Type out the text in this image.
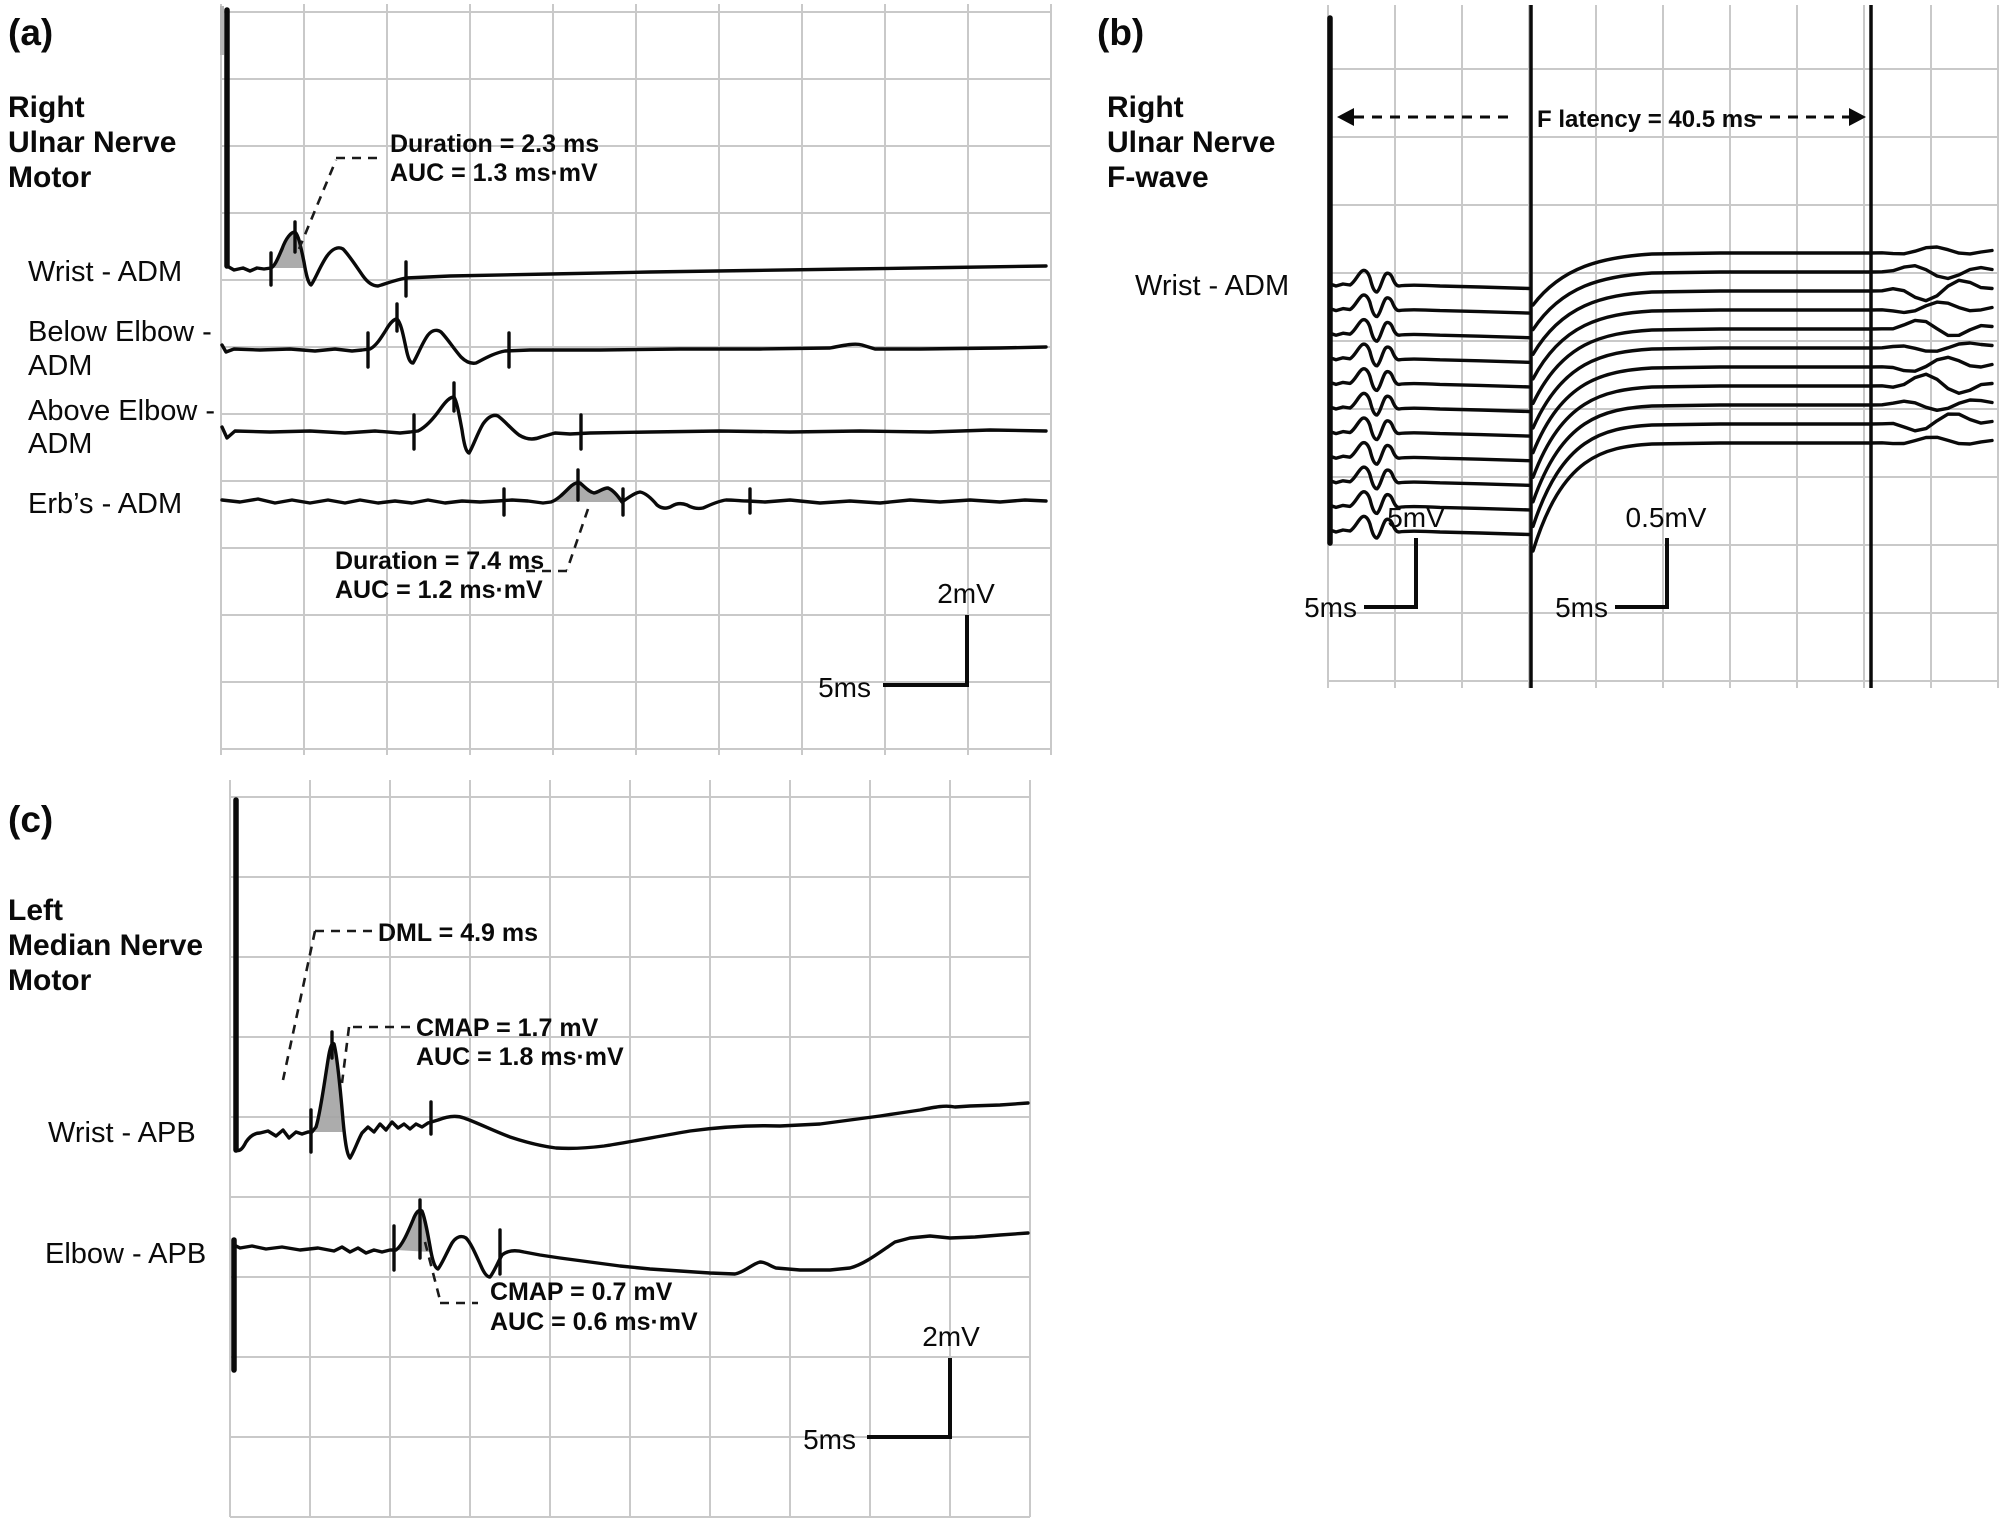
(a)
Right
Ulnar Nerve
Motor
Wrist - ADM
Below Elbow -
ADM
Above Elbow -
ADM
Erb’s - ADM
Duration = 2.3 ms
AUC = 1.3 ms·mV
Duration = 7.4 ms
AUC = 1.2 ms·mV	2mV
5ms
(b)
Right
Ulnar Nerve
F-wave
Wrist - ADM
F latency = 40.5 ms
5mV
5ms
0.5mV
5ms
(c)
Left
Median Nerve
Motor
Wrist - APB
Elbow - APB
DML = 4.9 ms
CMAP = 1.7 mV
AUC = 1.8 ms·mV
CMAP = 0.7 mV
AUC = 0.6 ms·mV	2mV
5ms
